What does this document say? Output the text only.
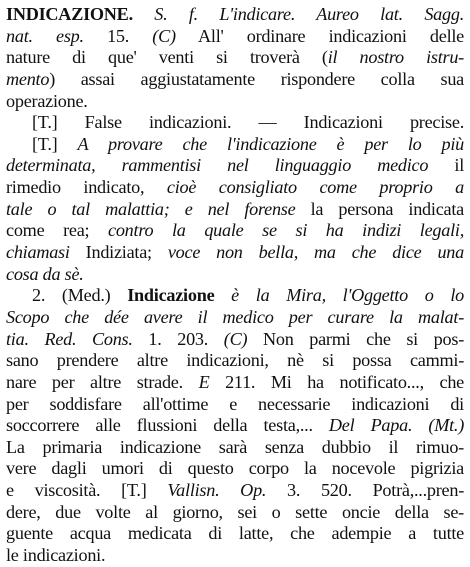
INDICAZIONE. S. f. L'indicare. Aureo lat. Sagg.
nat. esp. 15. (C) All' ordinare indicazioni delle
nature di que' venti si troverà (il nostro istru-
mento) assai aggiustatamente rispondere colla sua
operazione.
[T.] False indicazioni. — Indicazioni precise.
[T.] A provare che l'indicazione è per lo più
determinata, rammentisi nel linguaggio medico il
rimedio indicato, cioè consigliato come proprio a
tale o tal malattia; e nel forense la persona indicata
come rea; contro la quale se si ha indizi legali,
chiamasi Indiziata; voce non bella, ma che dice una
cosa da sè.
2. (Med.) Indicazione è la Mira, l'Oggetto o lo
Scopo che dée avere il medico per curare la malat-
tia. Red. Cons. 1. 203. (C) Non parmi che si pos-
sano prendere altre indicazioni, nè si possa cammi-
nare per altre strade. E 211. Mi ha notificato..., che
per soddisfare all'ottime e necessarie indicazioni di
soccorrere alle flussioni della testa,... Del Papa. (Mt.)
La primaria indicazione sarà senza dubbio il rimuo-
vere dagli umori di questo corpo la nocevole pigrizia
e viscosità. [T.] Vallisn. Op. 3. 520. Potrà,...pren-
dere, due volte al giorno, sei o sette oncie della se-
guente acqua medicata di latte, che adempie a tutte
le indicazioni.
